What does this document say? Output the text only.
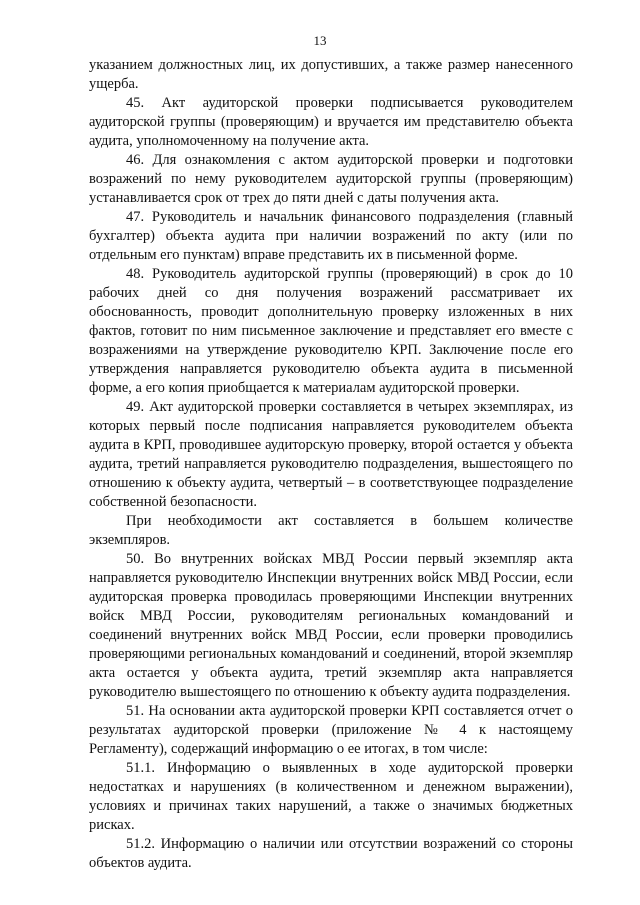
13

указанием должностных лиц, их допустивших, а также размер нанесенного ущерба.

45. Акт аудиторской проверки подписывается руководителем аудиторской группы (проверяющим) и вручается им представителю объекта аудита, уполномоченному на получение акта.

46. Для ознакомления с актом аудиторской проверки и подготовки возражений по нему руководителем аудиторской группы (проверяющим) устанавливается срок от трех до пяти дней с даты получения акта.

47. Руководитель и начальник финансового подразделения (главный бухгалтер) объекта аудита при наличии возражений по акту (или по отдельным его пунктам) вправе представить их в письменной форме.

48. Руководитель аудиторской группы (проверяющий) в срок до 10 рабочих дней со дня получения возражений рассматривает их обоснованность, проводит дополнительную проверку изложенных в них фактов, готовит по ним письменное заключение и представляет его вместе с возражениями на утверждение руководителю КРП. Заключение после его утверждения направляется руководителю объекта аудита в письменной форме, а его копия приобщается к материалам аудиторской проверки.

49. Акт аудиторской проверки составляется в четырех экземплярах, из которых первый после подписания направляется руководителем объекта аудита в КРП, проводившее аудиторскую проверку, второй остается у объекта аудита, третий направляется руководителю подразделения, вышестоящего по отношению к объекту аудита, четвертый – в соответствующее подразделение собственной безопасности.

При необходимости акт составляется в большем количестве экземпляров.

50. Во внутренних войсках МВД России первый экземпляр акта направляется руководителю Инспекции внутренних войск МВД России, если аудиторская проверка проводилась проверяющими Инспекции внутренних войск МВД России, руководителям региональных командований и соединений внутренних войск МВД России, если проверки проводились проверяющими региональных командований и соединений, второй экземпляр акта остается у объекта аудита, третий экземпляр акта направляется руководителю вышестоящего по отношению к объекту аудита подразделения.

51. На основании акта аудиторской проверки КРП составляется отчет о результатах аудиторской проверки (приложение № 4 к настоящему Регламенту), содержащий информацию о ее итогах, в том числе:

51.1. Информацию о выявленных в ходе аудиторской проверки недостатках и нарушениях (в количественном и денежном выражении), условиях и причинах таких нарушений, а также о значимых бюджетных рисках.

51.2. Информацию о наличии или отсутствии возражений со стороны объектов аудита.
